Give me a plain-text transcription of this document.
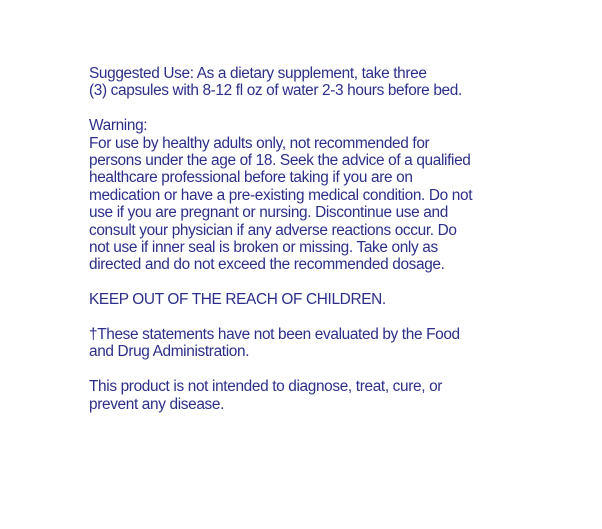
Suggested Use: As a dietary supplement, take three
(3) capsules with 8-12 fl oz of water 2-3 hours before bed.

Warning:
For use by healthy adults only, not recommended for
persons under the age of 18. Seek the advice of a qualified
healthcare professional before taking if you are on
medication or have a pre-existing medical condition. Do not
use if you are pregnant or nursing. Discontinue use and
consult your physician if any adverse reactions occur. Do
not use if inner seal is broken or missing. Take only as
directed and do not exceed the recommended dosage.

KEEP OUT OF THE REACH OF CHILDREN.

†These statements have not been evaluated by the Food
and Drug Administration.

This product is not intended to diagnose, treat, cure, or
prevent any disease.
